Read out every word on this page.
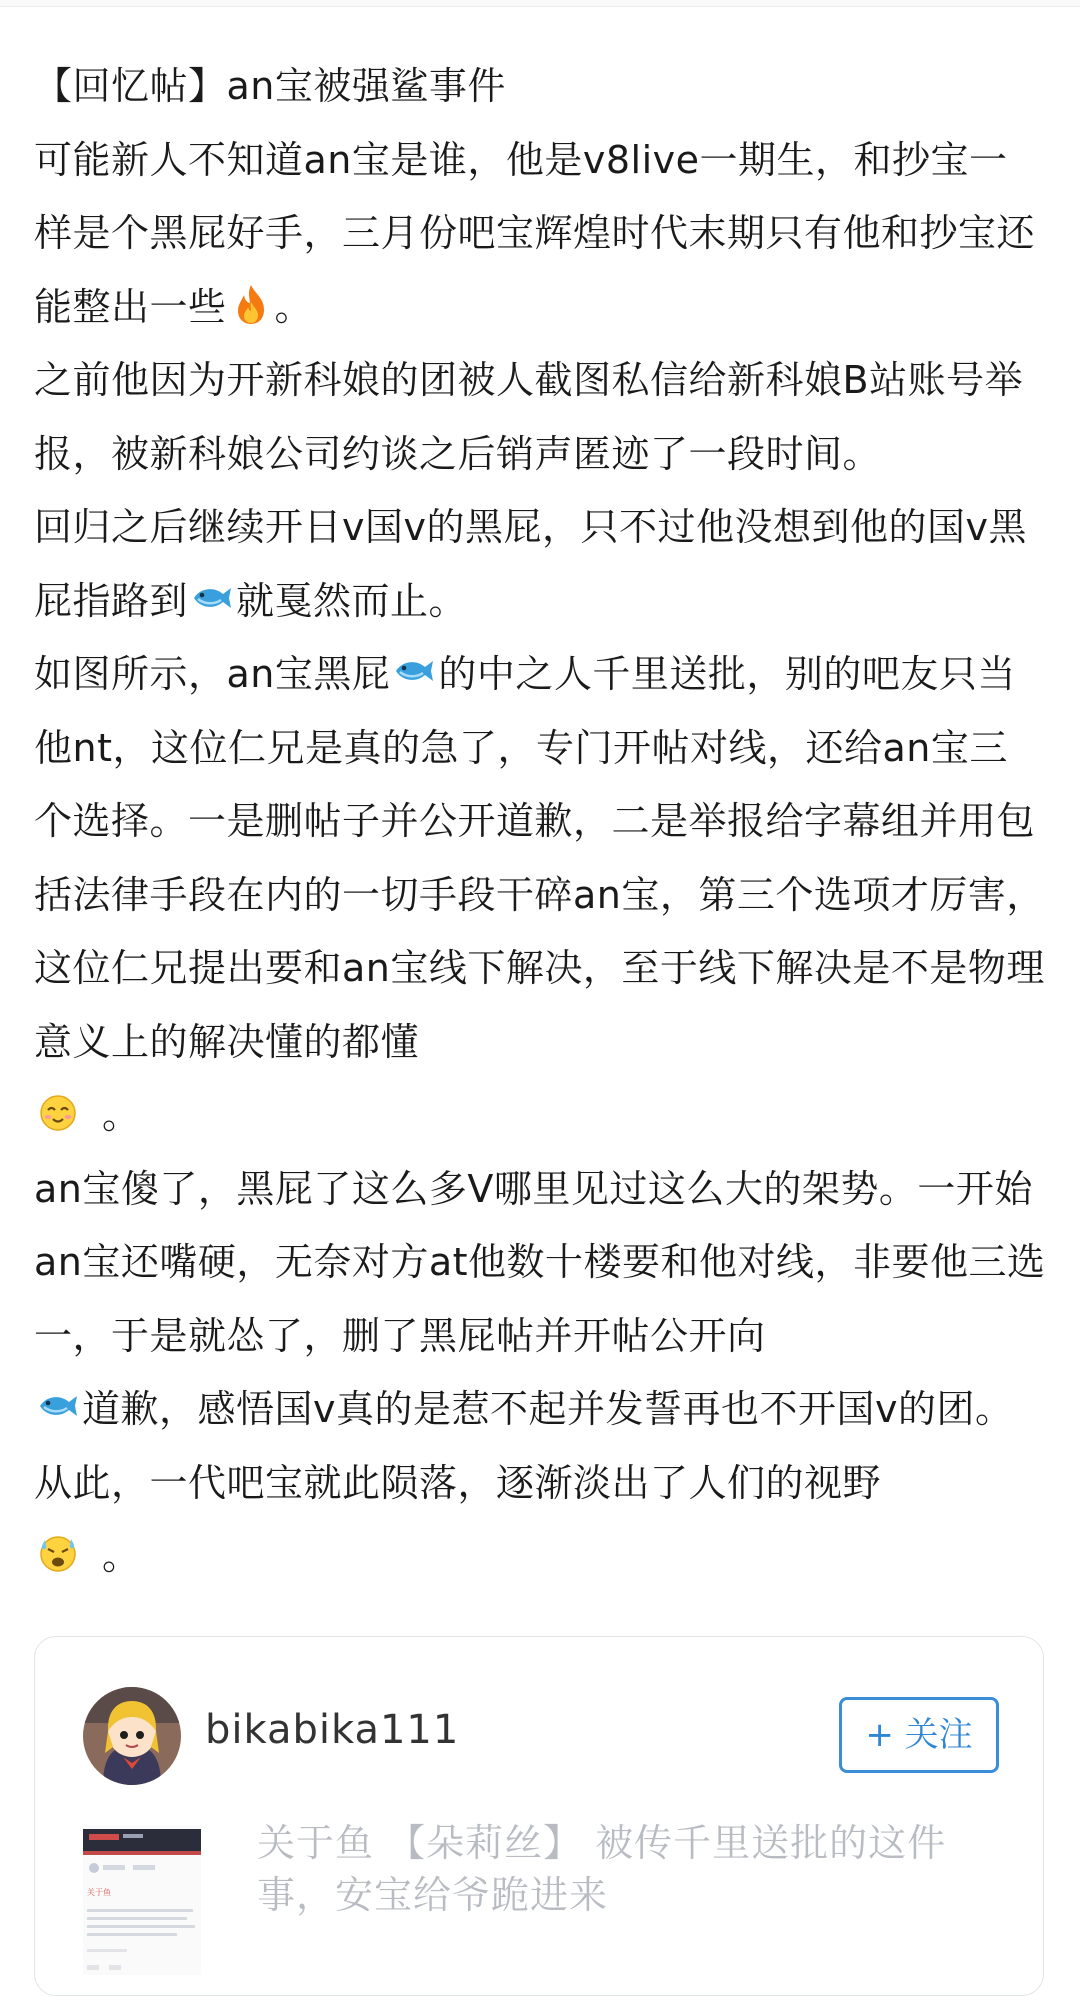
【回忆帖】an宝被强鲨事件

可能新人不知道an宝是谁，他是v8live一期生，和抄宝一样是个黑屁好手，三月份吧宝辉煌时代末期只有他和抄宝还能整出一些 。

之前他因为开新科娘的团被人截图私信给新科娘B站账号举报，被新科娘公司约谈之后销声匿迹了一段时间。

回归之后继续开日v国v的黑屁，只不过他没想到他的国v黑屁指路到 就戛然而止。

如图所示，an宝黑屁 的中之人千里送批，别的吧友只当他nt，这位仁兄是真的急了，专门开帖对线，还给an宝三个选择。一是删帖子并公开道歉，二是举报给字幕组并用包括法律手段在内的一切手段干碎an宝，第三个选项才厉害，这位仁兄提出要和an宝线下解决，至于线下解决是不是物理意义上的解决懂的都懂
。

an宝傻了，黑屁了这么多V哪里见过这么大的架势。一开始an宝还嘴硬，无奈对方at他数十楼要和他对线，非要他三选一，于是就怂了，删了黑屁帖并开帖公开向
道歉，感悟国v真的是惹不起并发誓再也不开国v的团。从此，一代吧宝就此陨落，逐渐淡出了人们的视野
。

bikabika111	+ 关注
关于鱼
关于鱼 【朵莉丝】 被传千里送批的这件事，安宝给爷跪进来
